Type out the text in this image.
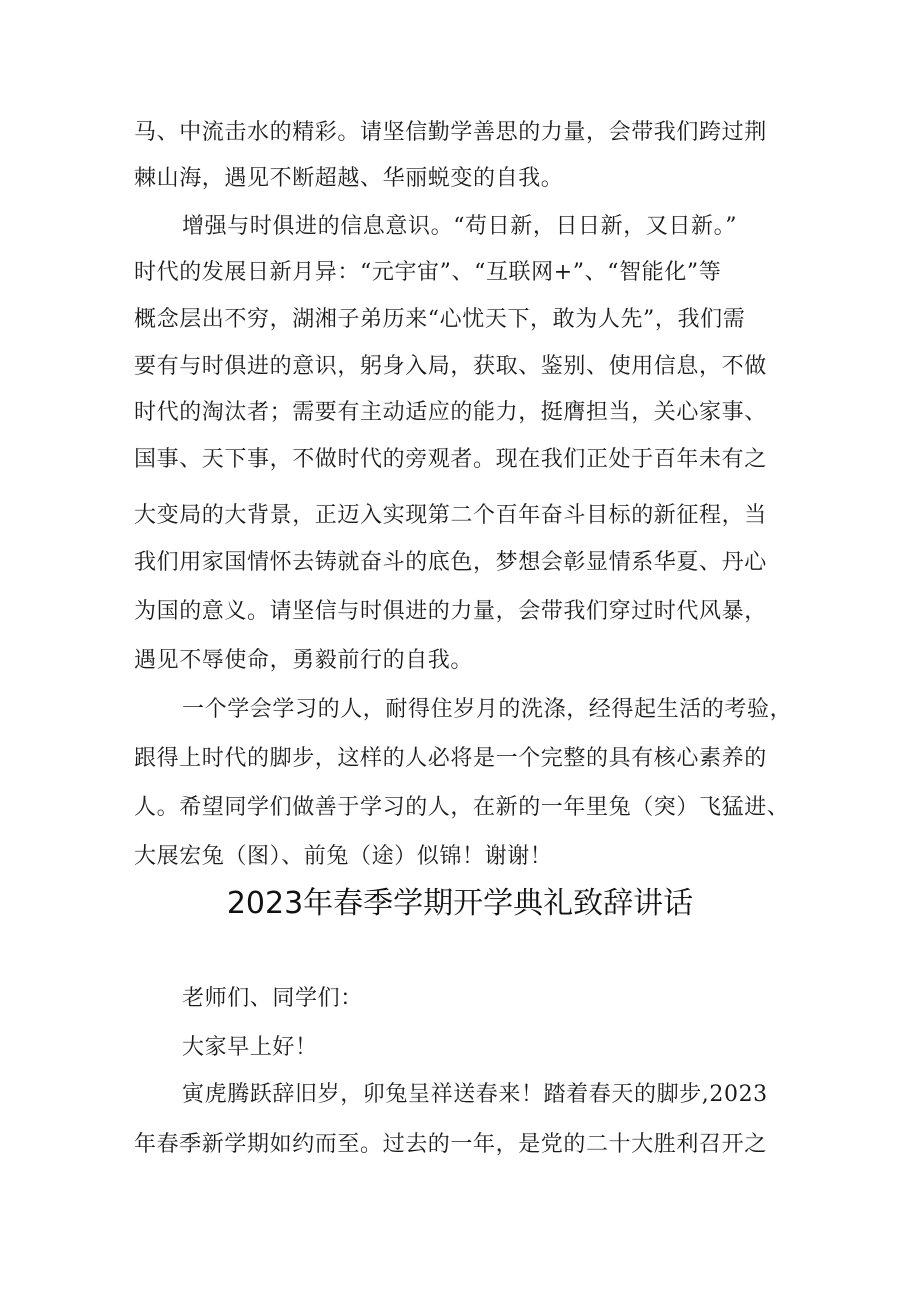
马、中流击水的精彩。请坚信勤学善思的力量，会带我们跨过荆
棘山海，遇见不断超越、华丽蜕变的自我。
增强与时俱进的信息意识。“苟日新，日日新，又日新。”
时代的发展日新月异：“元宇宙”、“互联网+”、“智能化”等
概念层出不穷，湖湘子弟历来“心忧天下，敢为人先”，我们需
要有与时俱进的意识，躬身入局，获取、鉴别、使用信息，不做
时代的淘汰者；需要有主动适应的能力，挺膺担当，关心家事、
国事、天下事，不做时代的旁观者。现在我们正处于百年未有之
大变局的大背景，正迈入实现第二个百年奋斗目标的新征程，当
我们用家国情怀去铸就奋斗的底色，梦想会彰显情系华夏、丹心
为国的意义。请坚信与时俱进的力量，会带我们穿过时代风暴，
遇见不辱使命，勇毅前行的自我。
一个学会学习的人，耐得住岁月的洗涤，经得起生活的考验，
跟得上时代的脚步，这样的人必将是一个完整的具有核心素养的
人。希望同学们做善于学习的人，在新的一年里兔（突）飞猛进、
大展宏兔（图）、前兔（途）似锦！谢谢！
2023年春季学期开学典礼致辞讲话
老师们、同学们：
大家早上好！
寅虎腾跃辞旧岁，卯兔呈祥送春来！踏着春天的脚步,2023
年春季新学期如约而至。过去的一年，是党的二十大胜利召开之
